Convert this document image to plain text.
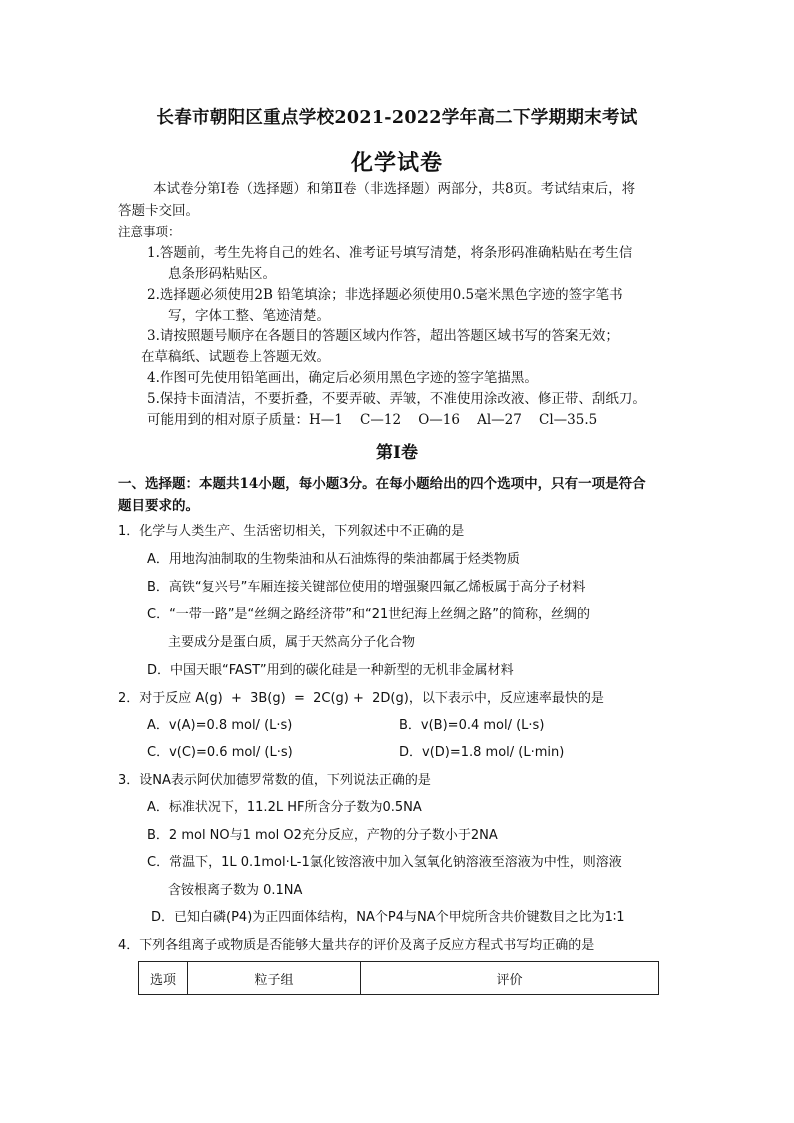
长春市朝阳区重点学校2021-2022学年高二下学期期末考试
化学试卷
本试卷分第Ⅰ卷（选择题）和第Ⅱ卷（非选择题）两部分，共8页。考试结束后，将
答题卡交回。
注意事项：
1.答题前，考生先将自己的姓名、准考证号填写清楚，将条形码准确粘贴在考生信
息条形码粘贴区。
2.选择题必须使用2B 铅笔填涂；非选择题必须使用0.5毫米黑色字迹的签字笔书
写，字体工整、笔迹清楚。
3.请按照题号顺序在各题目的答题区域内作答，超出答题区域书写的答案无效；
在草稿纸、试题卷上答题无效。
4.作图可先使用铅笔画出，确定后必须用黑色字迹的签字笔描黑。
5.保持卡面清洁，不要折叠，不要弄破、弄皱，不准使用涂改液、修正带、刮纸刀。
可能用到的相对原子质量：H—1    C—12    O—16    Al—27    Cl—35.5
第Ⅰ卷
一、选择题：本题共14小题，每小题3分。在每小题给出的四个选项中，只有一项是符合
题目要求的。
1．化学与人类生产、生活密切相关，下列叙述中不正确的是
A．用地沟油制取的生物柴油和从石油炼得的柴油都属于烃类物质
B．高铁“复兴号”车厢连接关键部位使用的增强聚四氟乙烯板属于高分子材料
C．“一带一路”是“丝绸之路经济带”和“21世纪海上丝绸之路”的简称，丝绸的
主要成分是蛋白质，属于天然高分子化合物
D．中国天眼“FAST”用到的碳化硅是一种新型的无机非金属材料
2．对于反应 A(g)  +  3B(g)  =  2C(g) +  2D(g)，以下表示中，反应速率最快的是
A．v(A)=0.8 mol/ (L·s)	B．v(B)=0.4 mol/ (L·s)
C．v(C)=0.6 mol/ (L·s)	D．v(D)=1.8 mol/ (L·min)
3．设NA表示阿伏加德罗常数的值，下列说法正确的是
A．标准状况下，11.2L HF所含分子数为0.5NA
B．2 mol NO与1 mol O2充分反应，产物的分子数小于2NA
C．常温下，1L 0.1mol·L-1氯化铵溶液中加入氢氧化钠溶液至溶液为中性，则溶液
含铵根离子数为 0.1NA
D．已知白磷(P4)为正四面体结构，NA个P4与NA个甲烷所含共价键数目之比为1∶1
4．下列各组离子或物质是否能够大量共存的评价及离子反应方程式书写均正确的是
选项	粒子组	评价
